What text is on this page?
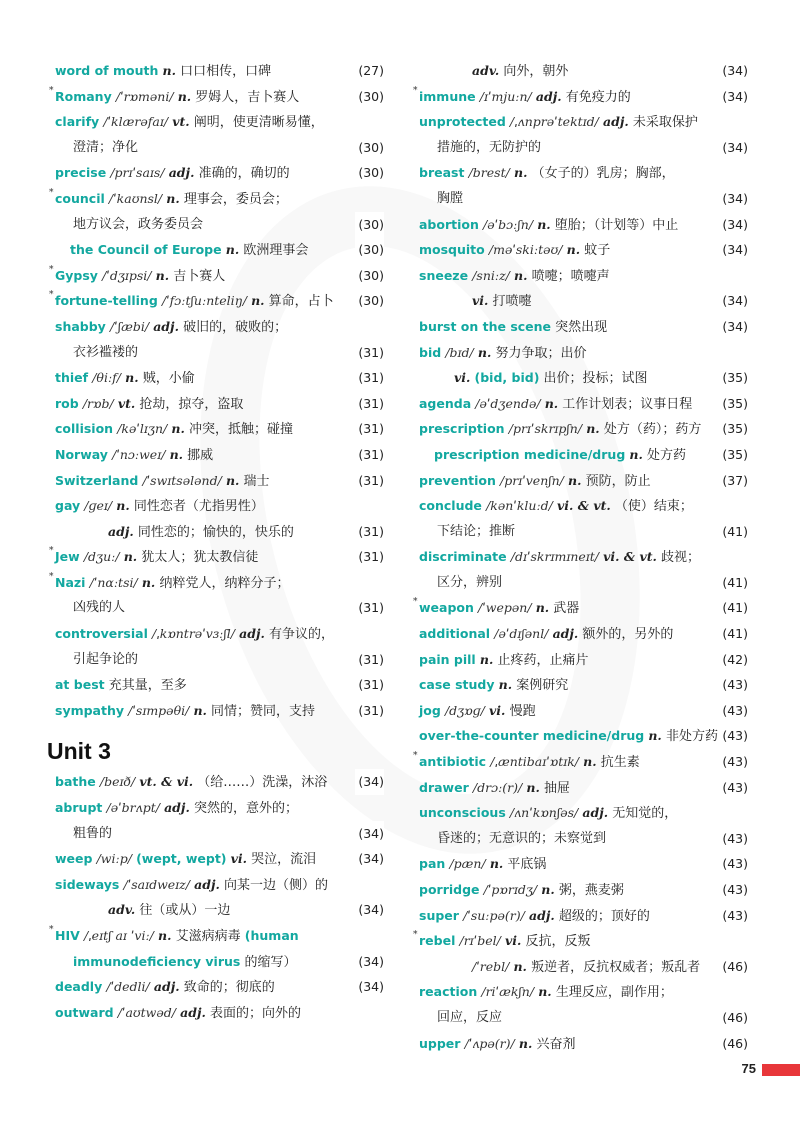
word of mouth n. 口口相传，口碑	(27)
* Romany /ˈrɒməni/ n. 罗姆人，吉卜赛人	(30)
clarify /ˈklærəfaɪ/ vt. 阐明，使更清晰易懂，
澄清；净化	(30)
precise /prɪˈsaɪs/ adj. 准确的，确切的	(30)
* council /ˈkaʊnsl/ n. 理事会，委员会；
地方议会，政务委员会	(30)
the Council of Europe n. 欧洲理事会	(30)
* Gypsy /ˈdʒɪpsi/ n. 吉卜赛人	(30)
* fortune-telling /ˈfɔːtʃuːnteliŋ/ n. 算命，占卜	(30)
shabby /ˈʃæbi/ adj. 破旧的，破败的；
衣衫褴褛的	(31)
thief /θiːf/ n. 贼，小偷	(31)
rob /rɒb/ vt. 抢劫，掠夺，盗取	(31)
collision /kəˈlɪʒn/ n. 冲突，抵触；碰撞	(31)
Norway /ˈnɔːweɪ/ n. 挪威	(31)
Switzerland /ˈswɪtsələnd/ n. 瑞士	(31)
gay /ɡeɪ/ n. 同性恋者（尤指男性）
adj. 同性恋的；愉快的，快乐的	(31)
* Jew /dʒuː/ n. 犹太人；犹太教信徒	(31)
* Nazi /ˈnɑːtsi/ n. 纳粹党人，纳粹分子；
凶残的人	(31)
controversial /ˌkɒntrəˈvɜːʃl/ adj. 有争议的，
引起争论的	(31)
at best 充其量，至多	(31)
sympathy /ˈsɪmpəθi/ n. 同情；赞同，支持	(31)
Unit 3
bathe /beɪð/ vt. & vi. （给……）洗澡，沐浴	(34)
abrupt /əˈbrʌpt/ adj. 突然的，意外的；
粗鲁的	(34)
weep /wiːp/ (wept, wept) vi. 哭泣，流泪	(34)
sideways /ˈsaɪdweɪz/ adj. 向某一边（侧）的
adv. 往（或从）一边	(34)
* HIV /ˌeɪtʃ aɪ ˈviː/ n. 艾滋病病毒 (human
immunodeficiency virus 的缩写）	(34)
deadly /ˈdedli/ adj. 致命的；彻底的	(34)
outward /ˈaʊtwəd/ adj. 表面的；向外的
adv. 向外，朝外	(34)
* immune /ɪˈmjuːn/ adj. 有免疫力的	(34)
unprotected /ˌʌnprəˈtektɪd/ adj. 未采取保护
措施的，无防护的	(34)
breast /brest/ n. （女子的）乳房；胸部，
胸膛	(34)
abortion /əˈbɔːʃn/ n. 堕胎；（计划等）中止	(34)
mosquito /məˈskiːtəʊ/ n. 蚊子	(34)
sneeze /sniːz/ n. 喷嚏；喷嚏声
vi. 打喷嚏	(34)
burst on the scene 突然出现	(34)
bid /bɪd/ n. 努力争取；出价
vi. (bid, bid) 出价；投标；试图	(35)
agenda /əˈdʒendə/ n. 工作计划表；议事日程	(35)
prescription /prɪˈskrɪpʃn/ n. 处方（药）；药方	(35)
prescription medicine/drug n. 处方药	(35)
prevention /prɪˈvenʃn/ n. 预防，防止	(37)
conclude /kənˈkluːd/ vi. & vt. （使）结束；
下结论；推断	(41)
discriminate /dɪˈskrɪmɪneɪt/ vi. & vt. 歧视；
区分，辨别	(41)
* weapon /ˈwepən/ n. 武器	(41)
additional /əˈdɪʃənl/ adj. 额外的，另外的	(41)
pain pill n. 止疼药，止痛片	(42)
case study n. 案例研究	(43)
jog /dʒɒɡ/ vi. 慢跑	(43)
over-the-counter medicine/drug n. 非处方药 (43)
* antibiotic /ˌæntibaɪˈɒtɪk/ n. 抗生素	(43)
drawer /drɔː(r)/ n. 抽屉	(43)
unconscious /ʌnˈkɒnʃəs/ adj. 无知觉的，
昏迷的；无意识的；未察觉到	(43)
pan /pæn/ n. 平底锅	(43)
porridge /ˈpɒrɪdʒ/ n. 粥，燕麦粥	(43)
super /ˈsuːpə(r)/ adj. 超级的；顶好的	(43)
* rebel /rɪˈbel/ vi. 反抗，反叛
/ˈrebl/ n. 叛逆者，反抗权威者；叛乱者	(46)
reaction /riˈækʃn/ n. 生理反应，副作用；
回应，反应	(46)
upper /ˈʌpə(r)/ n. 兴奋剂	(46)
75
